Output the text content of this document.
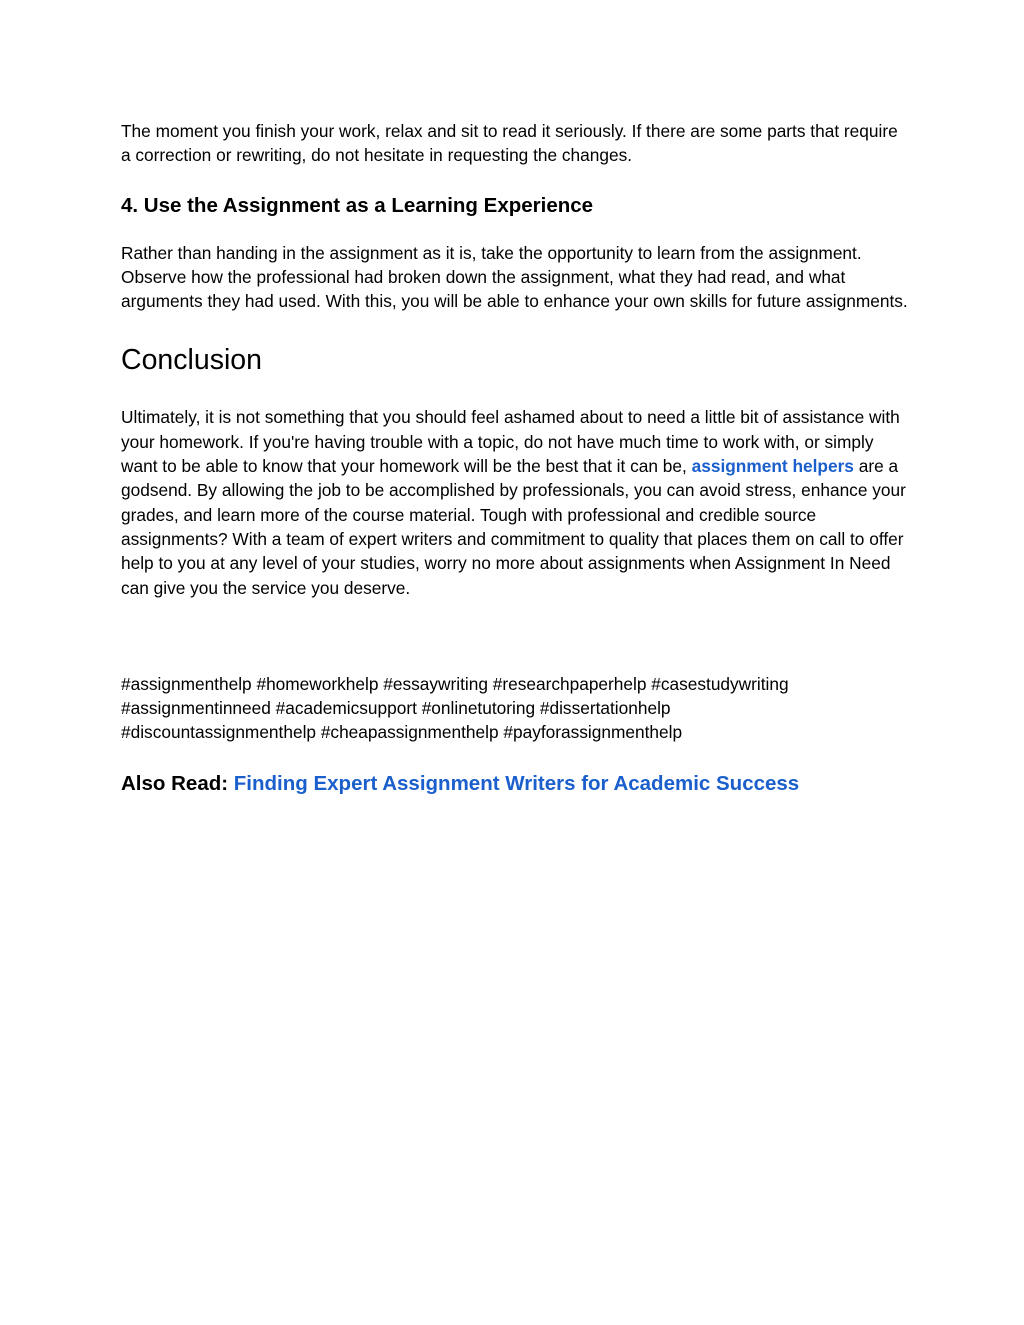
The moment you finish your work, relax and sit to read it seriously. If there are some parts that require a correction or rewriting, do not hesitate in requesting the changes.

4. Use the Assignment as a Learning Experience

Rather than handing in the assignment as it is, take the opportunity to learn from the assignment. Observe how the professional had broken down the assignment, what they had read, and what arguments they had used. With this, you will be able to enhance your own skills for future assignments.

Conclusion

Ultimately, it is not something that you should feel ashamed about to need a little bit of assistance with your homework. If you're having trouble with a topic, do not have much time to work with, or simply want to be able to know that your homework will be the best that it can be, assignment helpers are a godsend. By allowing the job to be accomplished by professionals, you can avoid stress, enhance your grades, and learn more of the course material. Tough with professional and credible source assignments? With a team of expert writers and commitment to quality that places them on call to offer help to you at any level of your studies, worry no more about assignments when Assignment In Need can give you the service you deserve.

#assignmenthelp #homeworkhelp #essaywriting #researchpaperhelp #casestudywriting
#assignmentinneed #academicsupport #onlinetutoring #dissertationhelp
#discountassignmenthelp #cheapassignmenthelp #payforassignmenthelp

Also Read: Finding Expert Assignment Writers for Academic Success
